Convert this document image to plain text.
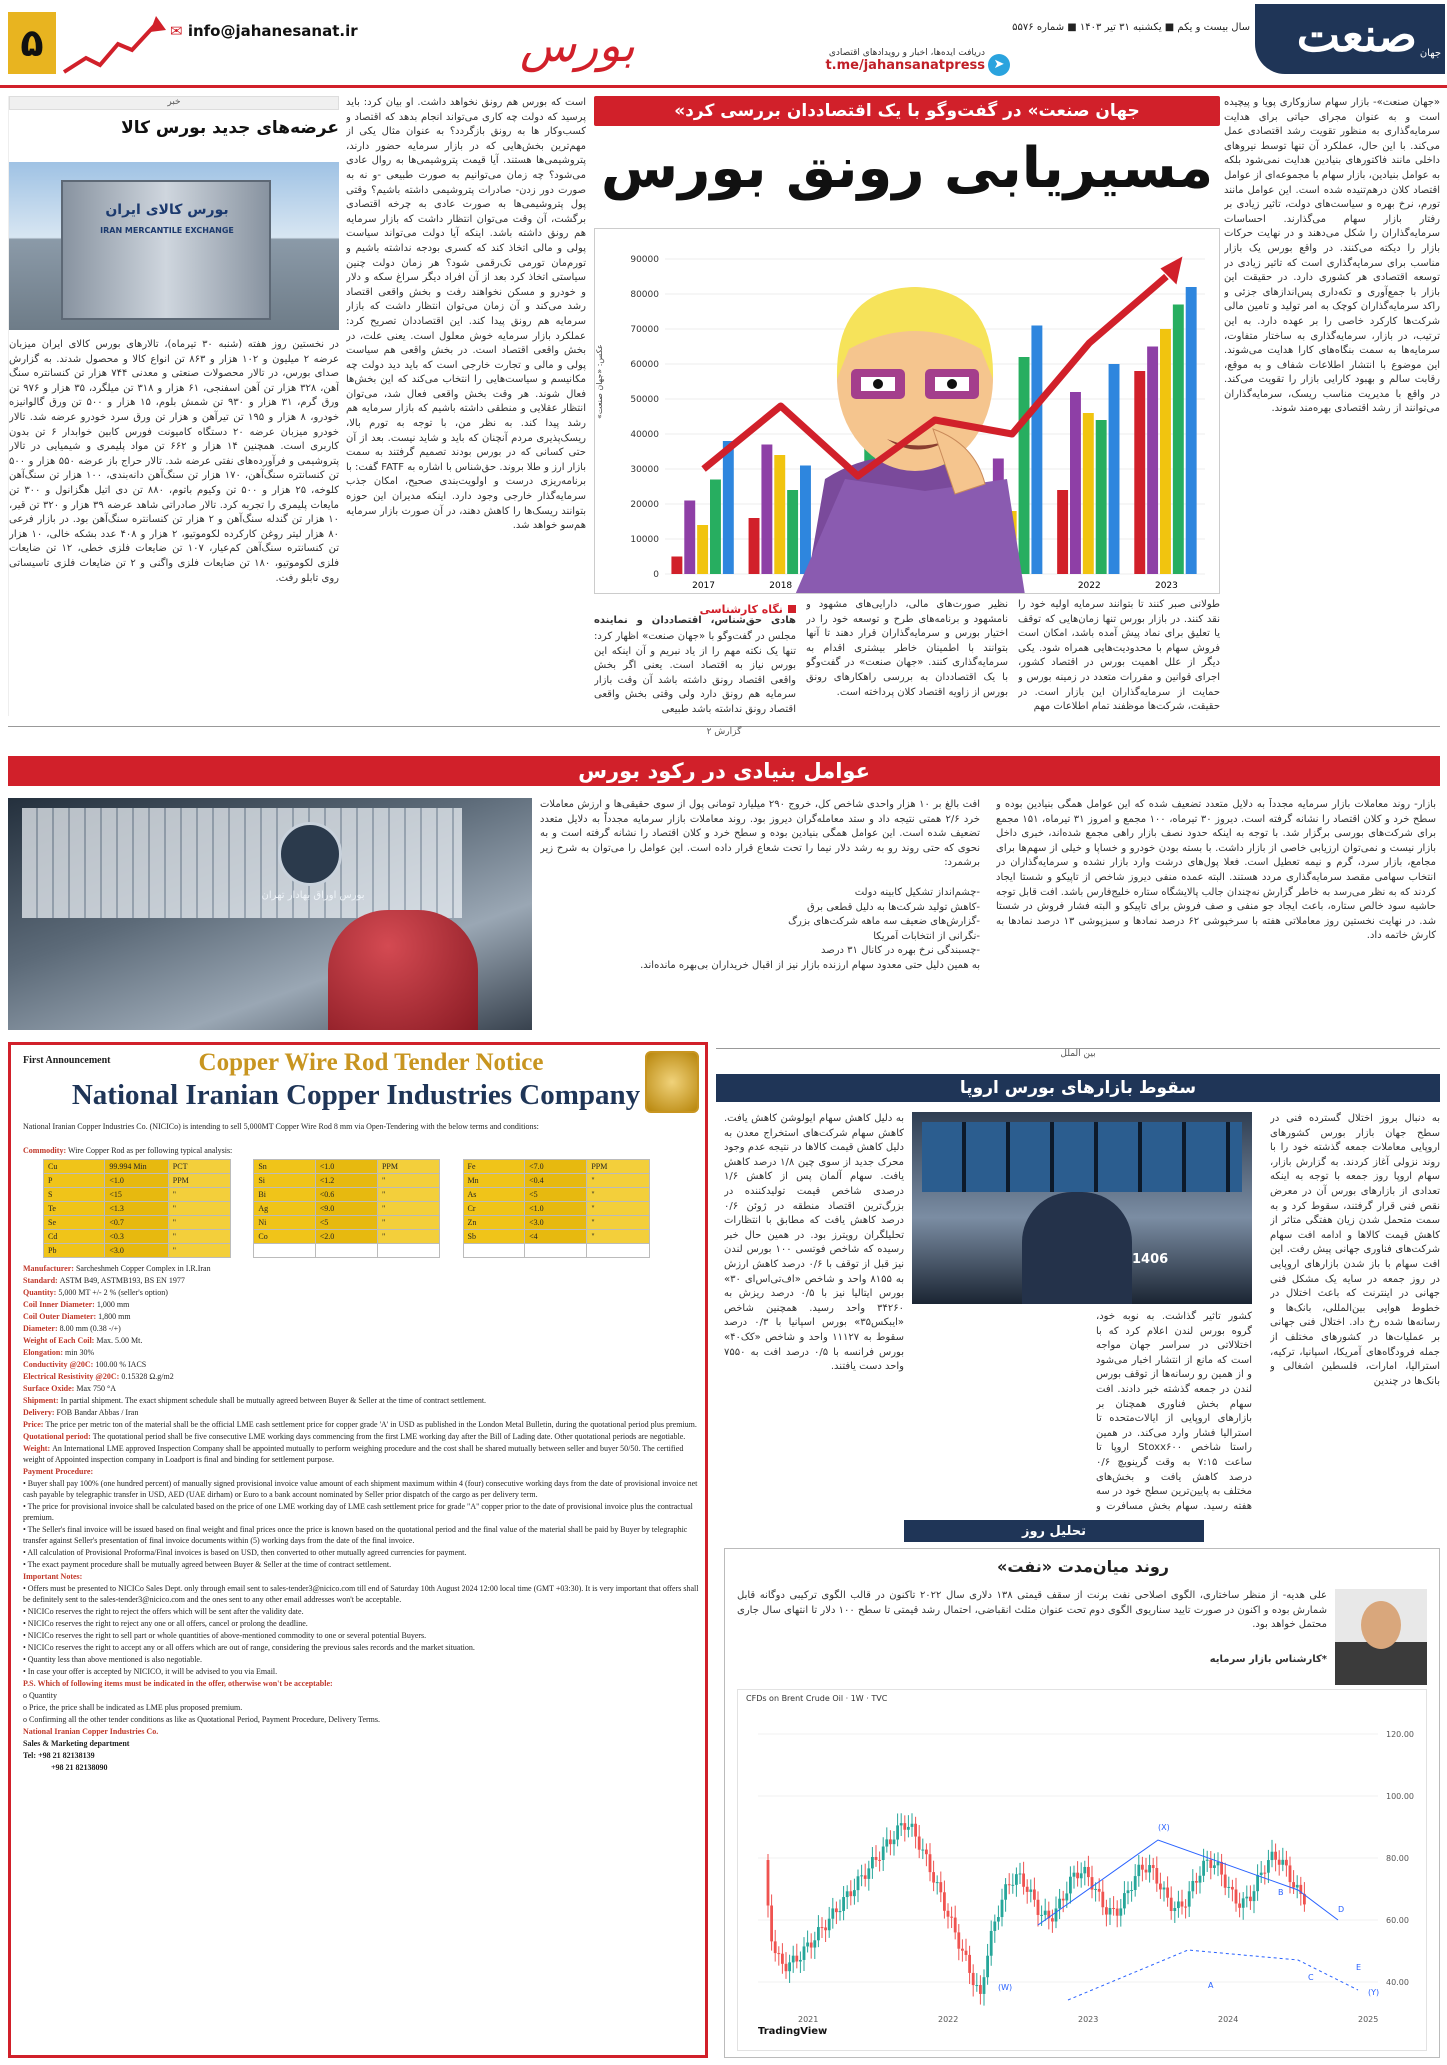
۵	✉ info@jahanesanat.ir	بورس	دریافت ایده‌ها، اخبار و رویدادهای اقتصادی
t.me/jahansanatpress ➤
سال بیست و یکم ■ یکشنبه ۳۱ تیر ۱۴۰۳ ■ شماره ۵۵۷۶ صنعت جهان
«جهان صنعت»- بازار سهام سازوکاری پویا و پیچیده است و به عنوان مجرای حیاتی برای هدایت سرمایه‌گذاری به منظور تقویت رشد اقتصادی عمل می‌کند. با این حال، عملکرد آن تنها توسط نیروهای داخلی مانند فاکتورهای بنیادین هدایت نمی‌شود بلکه به عوامل بنیادین، بازار سهام با مجموعه‌ای از عوامل اقتصاد کلان درهم‌تنیده شده است. این عوامل مانند تورم، نرخ بهره و سیاست‌های دولت، تاثیر زیادی بر رفتار بازار سهام می‌گذارند. احساسات سرمایه‌گذاران را شکل می‌دهند و در نهایت حرکات بازار را دیکته می‌کنند. در واقع بورس یک بازار مناسب برای سرمایه‌گذاری است که تاثیر زیادی در توسعه اقتصادی هر کشوری دارد. در حقیقت این بازار با جمع‌آوری و تکه‌داری پس‌اندازهای جزئی و راکد سرمایه‌گذاران کوچک به امر تولید و تامین مالی شرکت‌ها کارکرد خاصی را بر عهده دارد. به این ترتیب، در بازار، سرمایه‌گذاری به ساختار متفاوت، سرمایه‌ها به سمت بنگاه‌های کارا هدایت می‌شوند. این موضوع با انتشار اطلاعات شفاف و به موقع، رقابت سالم و بهبود کارایی بازار را تقویت می‌کند. در واقع با مدیریت مناسب ریسک، سرمایه‌گذاران می‌توانند از رشد اقتصادی بهره‌مند شوند.
«جهان صنعت» در گفت‌وگو با یک اقتصاددان بررسی کرد
مسیریابی رونق بورس
90000
80000
70000
60000
50000
40000
30000
20000
10000
0
2017	2018	2022	2023
عکس: «جهان صنعت»
طولانی صبر کنند تا بتوانند سرمایه اولیه خود را نقد کنند. در بازار بورس تنها زمان‌هایی که توقف یا تعلیق برای نماد پیش آمده باشد، امکان است فروش سهام با محدودیت‌هایی همراه شود. یکی دیگر از علل اهمیت بورس در اقتصاد کشور، اجرای قوانین و مقررات متعدد در زمینه بورس و حمایت از سرمایه‌گذاران این بازار است. در حقیقت، شرکت‌ها موظفند تمام اطلاعات مهم
نظیر صورت‌های مالی، دارایی‌های مشهود و نامشهود و برنامه‌های طرح و توسعه خود را در اختیار بورس و سرمایه‌گذاران قرار دهند تا آنها بتوانند با اطمینان خاطر بیشتری اقدام به سرمایه‌گذاری کنند. «جهان صنعت» در گفت‌وگو با یک اقتصاددان به بررسی راهکارهای رونق بورس از زاویه اقتصاد کلان پرداخته است.
نگاه کارشناسی
هادی حق‌شناس، اقتصاددان و نماینده
مجلس در گفت‌وگو با «جهان صنعت» اظهار کرد: تنها یک نکته مهم را از یاد نبریم و آن اینکه این بورس نیاز به اقتصاد است. یعنی اگر بخش واقعی اقتصاد رونق داشته باشد آن وقت بازار سرمایه هم رونق دارد ولی وقتی بخش واقعی اقتصاد رونق نداشته باشد طبیعی
است که بورس هم رونق نخواهد داشت. او بیان کرد: باید پرسید که دولت چه کاری می‌تواند انجام بدهد که اقتصاد و کسب‌وکار ها به رونق بازگردد؟ به عنوان مثال یکی از مهم‌ترین بخش‌هایی که در بازار سرمایه حضور دارند، پتروشیمی‌ها هستند. آیا قیمت پتروشیمی‌ها به روال عادی می‌شود؟ چه زمان می‌توانیم به صورت طبیعی -و نه به صورت دور زدن- صادرات پتروشیمی داشته باشیم؟ وقتی پول پتروشیمی‌ها به صورت عادی به چرخه اقتصادی برگشت، آن وقت می‌توان انتظار داشت که بازار سرمایه هم رونق داشته باشد. اینکه آیا دولت می‌تواند سیاست پولی و مالی اتخاذ کند که کسری بودجه نداشته باشیم و تورم‌مان تورمی تک‌رقمی شود؟ هر زمان دولت چنین سیاستی اتخاذ کرد بعد از آن افراد دیگر سراغ سکه و دلار و خودرو و مسکن نخواهند رفت و بخش واقعی اقتصاد رشد می‌کند و آن زمان می‌توان انتظار داشت که بازار سرمایه هم رونق پیدا کند. این اقتصاددان تصریح کرد: عملکرد بازار سرمایه خوش معلول است. یعنی علت، در بخش واقعی اقتصاد است. در بخش واقعی هم سیاست پولی و مالی و تجارت خارجی است که باید دید دولت چه مکانیسم و سیاست‌هایی را انتخاب می‌کند که این بخش‌ها فعال شوند. هر وقت بخش واقعی فعال شد، می‌توان انتظار عقلایی و منطقی داشته باشیم که بازار سرمایه هم رشد پیدا کند. به نظر من، با توجه به تورم بالا، ریسک‌پذیری مردم آنچنان که باید و شاید نیست. بعد از آن حتی کسانی که در بورس بودند تصمیم گرفتند به سمت بازار ارز و طلا بروند. حق‌شناس با اشاره به FATF گفت: با برنامه‌ریزی درست و اولویت‌بندی صحیح، امکان جذب سرمایه‌گذار خارجی وجود دارد. اینکه مدیران این حوزه بتوانند ریسک‌ها را کاهش دهند، در آن صورت بازار سرمایه هم‌سو خواهد شد.
خبر
عرضه‌های جدید بورس کالا
بورس کالای ایران
IRAN MERCANTILE EXCHANGE
در نخستین روز هفته (شنبه ۳۰ تیرماه)، تالارهای بورس کالای ایران میزبان عرضه ۲ میلیون و ۱۰۲ هزار و ۸۶۳ تن انواع کالا و محصول شدند. به گزارش صدای بورس، در تالار محصولات صنعتی و معدنی ۷۴۴ هزار تن کنسانتره سنگ آهن، ۳۲۸ هزار تن آهن اسفنجی، ۶۱ هزار و ۳۱۸ تن میلگرد، ۳۵ هزار و ۹۷۶ تن ورق گرم، ۳۱ هزار و ۹۳۰ تن شمش بلوم، ۱۵ هزار و ۵۰۰ تن ورق گالوانیزه خودرو، ۸ هزار و ۱۹۵ تن تیرآهن و هزار تن ورق سرد خودرو عرضه شد. تالار خودرو میزبان عرضه ۲۰ دستگاه کامیونت فورس کابین خوابدار ۶ تن بدون کاربری است. همچنین ۱۴ هزار و ۶۶۲ تن مواد پلیمری و شیمیایی در تالار پتروشیمی و فرآورده‌های نفتی عرضه شد. تالار حراج باز عرضه ۵۵۰ هزار و ۵۰۰ تن کنسانتره سنگ‌آهن، ۱۷۰ هزار تن سنگ‌آهن دانه‌بندی، ۱۰۰ هزار تن سنگ‌آهن کلوخه، ۲۵ هزار و ۵۰۰ تن وکیوم باتوم، ۸۸۰ تن دی اتیل هگزانول و ۳۰۰ تن مایعات پلیمری را تجربه کرد. تالار صادراتی شاهد عرضه ۳۹ هزار و ۳۲۰ تن قیر، ۱۰ هزار تن گندله سنگ‌آهن و ۲ هزار تن کنسانتره سنگ‌آهن بود. در بازار فرعی ۸۰ هزار لیتر روغن کارکرده لکوموتیو، ۲ هزار و ۴۰۸ عدد بشکه خالی، ۱۰ هزار تن کنسانتره سنگ‌آهن کم‌عیار، ۱۰۷ تن ضایعات فلزی خطی، ۱۲ تن ضایعات فلزی لکوموتیو، ۱۸۰ تن ضایعات فلزی واگنی و ۲ تن ضایعات فلزی تاسیساتی روی تابلو رفت.
$^{گزارش ۲}$
عوامل بنیادی در رکود بورس
بازار- روند معاملات بازار سرمایه مجدداً به دلایل متعدد تضعیف شده که این عوامل همگی بنیادین بوده و سطح خرد و کلان اقتصاد را نشانه گرفته است. دیروز ۳۰ تیرماه، ۱۰۰ مجمع و امروز ۳۱ تیرماه، ۱۵۱ مجمع برای شرکت‌های بورسی برگزار شد. با توجه به اینکه حدود نصف بازار راهی مجمع شده‌اند، خبری داخل بازار نیست و نمی‌توان ارزیابی خاصی از بازار داشت. با بسته بودن خودرو و خساپا و خیلی از سهم‌ها برای مجامع، بازار سرد، گرم و نیمه تعطیل است. فعلا پول‌های درشت وارد بازار نشده و سرمایه‌گذاران در انتخاب سهامی مقصد سرمایه‌گذاری مردد هستند. البته عمده منفی دیروز شاخص از تاپیکو و شستا ایجاد کردند که به نظر می‌رسد به خاطر گزارش نه‌چندان جالب پالایشگاه ستاره خلیج‌فارس باشد. افت قابل توجه حاشیه سود خالص ستاره، باعث ایجاد جو منفی و صف فروش برای تاپیکو و البته فشار فروش در شستا شد. در نهایت نخستین روز معاملاتی هفته با سرخپوشی ۶۲ درصد نمادها و سبزپوشی ۱۳ درصد نمادها به کارش خاتمه داد.
افت بالغ بر ۱۰ هزار واحدی شاخص کل، خروج ۲۹۰ میلیارد تومانی پول از سوی حقیقی‌ها و ارزش معاملات خرد ۲/۶ همتی نتیجه داد و ستد معامله‌گران دیروز بود. روند معاملات بازار سرمایه مجدداً به دلایل متعدد تضعیف شده است. این عوامل همگی بنیادین بوده و سطح خرد و کلان اقتصاد را نشانه گرفته است و به نحوی که حتی روند رو به رشد دلار نیما را تحت شعاع قرار داده است. این عوامل را می‌توان به شرح زیر برشمرد:
-چشم‌انداز تشکیل کابینه دولت
-کاهش تولید شرکت‌ها به دلیل قطعی برق
-گزارش‌های ضعیف سه ماهه شرکت‌های بزرگ
-نگرانی از انتخابات آمریکا
-چسبندگی نرخ بهره در کانال ۳۱ درصد
به همین دلیل حتی معدود سهام ارزنده بازار نیز از اقبال خریداران بی‌بهره مانده‌اند.
بورس اوراق بهادار تهران
First Announcement	Copper Wire Rod Tender Notice
National Iranian Copper Industries Company
National Iranian Copper Industries Co. (NICICo) is intending to sell 5,000MT Copper Wire Rod 8 mm via Open-Tendering with the below terms and conditions:
Commodity: Wire Copper Rod as per following typical analysis:
Cu	99.994 Min	PCT		Sn	<1.0	PPM		Fe	<7.0	PPM	
P	<1.0	PPM		Si	<1.2	"		Mn	<0.4	"	
S	<15	"		Bi	<0.6	"		As	<5	"	
Te	<1.3	"		Ag	<9.0	"		Cr	<1.0	"	
Se	<0.7	"		Ni	<5	"		Zn	<3.0	"	
Cd	<0.3	"		Co	<2.0	"		Sb	<4	"	
Pb	<3.0	"									
Manufacturer: Sarcheshmeh Copper Complex in I.R.Iran
Standard: ASTM B49, ASTMB193, BS EN 1977
Quantity: 5,000 MT +/- 2 % (seller's option)
Coil Inner Diameter: 1,000 mm
Coil Outer Diameter: 1,800 mm
Diameter: 8.00 mm (0.38 -/+)
Weight of Each Coil: Max. 5.00 Mt.
Elongation: min 30%
Conductivity @20C: 100.00 % IACS
Electrical Resistivity @20C: 0.15328 Ω.g/m2
Surface Oxide: Max 750 °A
Shipment: In partial shipment. The exact shipment schedule shall be mutually agreed between Buyer & Seller at the time of contract settlement.
Delivery: FOB Bandar Abbas / Iran
Price: The price per metric ton of the material shall be the official LME cash settlement price for copper grade 'A' in USD as published in the London Metal Bulletin, during the quotational period plus premium.
Quotational period: The quotational period shall be five consecutive LME working days commencing from the first LME working day after the Bill of Lading date. Other quotational periods are negotiable.
Weight: An International LME approved Inspection Company shall be appointed mutually to perform weighing procedure and the cost shall be shared mutually between seller and buyer 50/50. The certified weight of Appointed inspection company in Loadport is final and binding for settlement purpose.
Payment Procedure:
• Buyer shall pay 100% (one hundred percent) of manually signed provisional invoice value amount of each shipment maximum within 4 (four) consecutive working days from the date of provisional invoice net cash payable by telegraphic transfer in USD, AED (UAE dirham) or Euro to a bank account nominated by Seller prior dispatch of the cargo as per delivery term.
• The price for provisional invoice shall be calculated based on the price of one LME working day of LME cash settlement price for grade "A" copper prior to the date of provisional invoice plus the contractual premium.
• The Seller's final invoice will be issued based on final weight and final prices once the price is known based on the quotational period and the final value of the material shall be paid by Buyer by telegraphic transfer against Seller's presentation of final invoice documents within (5) working days from the date of the final invoice.
• All calculation of Provisional Proforma/Final invoices is based on USD, then converted to other mutually agreed currencies for payment.
• The exact payment procedure shall be mutually agreed between Buyer & Seller at the time of contract settlement.
Important Notes:
• Offers must be presented to NICICo Sales Dept. only through email sent to sales-tender3@nicico.com till end of Saturday 10th August 2024 12:00 local time (GMT +03:30). It is very important that offers shall be definitely sent to the sales-tender3@nicico.com and the ones sent to any other email addresses won't be acceptable.
• NICICo reserves the right to reject the offers which will be sent after the validity date.
• NICICo reserves the right to reject any one or all offers, cancel or prolong the deadline.
• NICICo reserves the right to sell part or whole quantities of above-mentioned commodity to one or several potential Buyers.
• NICICo reserves the right to accept any or all offers which are out of range, considering the previous sales records and the market situation.
• Quantity less than above mentioned is also negotiable.
• In case your offer is accepted by NICICO, it will be advised to you via Email.
P.S. Which of following items must be indicated in the offer, otherwise won't be acceptable:
o Quantity
o Price, the price shall be indicated as LME plus proposed premium.
o Confirming all the other tender conditions as like as Quotational Period, Payment Procedure, Delivery Terms.
National Iranian Copper Industries Co.
Sales & Marketing department
Tel: +98 21 82138139
+98 21 82138090
$^{بین الملل}$
سقوط بازارهای بورس اروپا
به دنبال بروز اختلال گسترده فنی در سطح جهان بازار بورس کشورهای اروپایی معاملات جمعه گذشته خود را با روند نزولی آغاز کردند. به گزارش بازار، سهام اروپا روز جمعه با توجه به اینکه تعدادی از بازارهای بورس آن در معرض نقص فنی قرار گرفتند، سقوط کرد و به سمت متحمل شدن زیان هفتگی متاثر از کاهش قیمت کالاها و ادامه افت سهام شرکت‌های فناوری جهانی پیش رفت. این افت سهام با باز شدن بازارهای اروپایی در روز جمعه در سایه یک مشکل فنی جهانی در اینترنت که باعث اختلال در خطوط هوایی بین‌المللی، بانک‌ها و رسانه‌ها شده رخ داد. اختلال فنی جهانی بر عملیات‌ها در کشورهای مختلف از جمله فرودگاه‌های آمریکا، اسپانیا، ترکیه، استرالیا، امارات، فلسطین اشغالی و بانک‌ها در چندین
1406
کشور تاثیر گذاشت. به نوبه خود، گروه بورس لندن اعلام کرد که با اختلالاتی در سراسر جهان مواجه است که مانع از انتشار اخبار می‌شود و از همین رو رسانه‌ها از توقف بورس لندن در جمعه گذشته خبر دادند. افت سهام بخش فناوری همچنان بر بازارهای اروپایی از ایالات‌متحده تا استرالیا فشار وارد می‌کند. در همین راستا شاخص Stoxx۶۰۰ اروپا تا ساعت ۷:۱۵ به وقت گرینویچ ۰/۶ درصد کاهش یافت و بخش‌های مختلف به پایین‌ترین سطح خود در سه هفته رسید. سهام بخش مسافرت و
به دلیل کاهش سهام ایولوشن کاهش یافت. کاهش سهام شرکت‌های استخراج معدن به دلیل کاهش قیمت کالاها در نتیجه عدم وجود محرک جدید از سوی چین ۱/۸ درصد کاهش یافت. سهام آلمان پس از کاهش ۱/۶ درصدی شاخص قیمت تولیدکننده در بزرگ‌ترین اقتصاد منطقه در ژوئن ۰/۶ درصد کاهش یافت که مطابق با انتظارات تحلیلگران رویترز بود. در همین حال خبر رسیده که شاخص فوتسی ۱۰۰ بورس لندن نیز قبل از توقف با ۰/۶ درصد کاهش ارزش به ۸۱۵۵ واحد و شاخص «اف‌تی‌اس‌ای ۳۰» بورس ایتالیا نیز با ۰/۵ درصد ریزش به ۳۴۲۶۰ واحد رسید. همچنین شاخص «ایبکس۳۵» بورس اسپانیا با ۰/۳ درصد سقوط به ۱۱۱۲۷ واحد و شاخص «کک۴۰» بورس فرانسه با ۰/۵ درصد افت به ۷۵۵۰ واحد دست یافتند.
تحلیل روز
روند میان‌مدت «نفت»
علی هدیه- از منظر ساختاری، الگوی اصلاحی نفت برنت از سقف قیمتی ۱۳۸ دلاری سال ۲۰۲۲ تاکنون در قالب الگوی ترکیبی دوگانه قابل شمارش بوده و اکنون در صورت تایید سناریوی الگوی دوم تحت عنوان مثلث انقباضی، احتمال رشد قیمتی تا سطح ۱۰۰ دلار تا انتهای سال جاری محتمل خواهد بود.
*کارشناس بازار سرمایه
CFDs on Brent Crude Oil · 1W · TVC
120.00
100.00
80.00
60.00
40.00
2021	2022	2023	2024	2025
(X)
B
D
A
C
E
(Y)
(W)
TradingView
